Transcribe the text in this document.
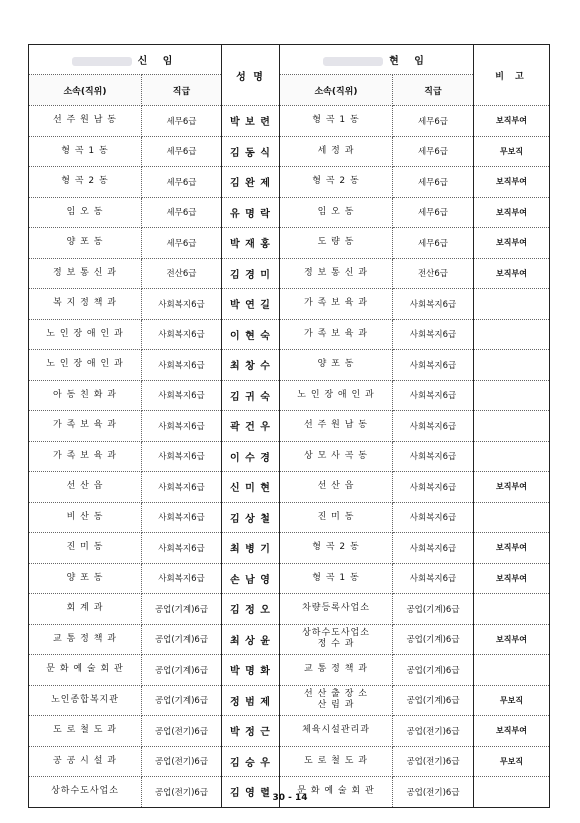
신 임		성 명	현 임		비 고
소속(직위)	직급		소속(직위)	직급	

선 주 원 남 동	세무6급	박 보 련	형 곡 1 동	세무6급	보직부여

형 곡 1 동	세무6급	김 동 식	세 정 과	세무6급	무보직

형 곡 2 동	세무6급	김 완 제	형 곡 2 동	세무6급	보직부여

임 오 동	세무6급	유 명 락	임 오 동	세무6급	보직부여

양 포 동	세무6급	박 재 홍	도 량 동	세무6급	보직부여

정 보 통 신 과	전산6급	김 경 미	정 보 통 신 과	전산6급	보직부여

복 지 정 책 과	사회복지6급	박 연 길	가 족 보 육 과	사회복지6급	

노 인 장 애 인 과	사회복지6급	이 현 숙	가 족 보 육 과	사회복지6급	

노 인 장 애 인 과	사회복지6급	최 창 수	양 포 동	사회복지6급	

아 동 친 화 과	사회복지6급	김 귀 숙	노 인 장 애 인 과	사회복지6급	

가 족 보 육 과	사회복지6급	곽 건 우	선 주 원 남 동	사회복지6급	

가 족 보 육 과	사회복지6급	이 수 경	상 모 사 곡 동	사회복지6급	

선 산 읍	사회복지6급	신 미 현	선 산 읍	사회복지6급	보직부여

비 산 동	사회복지6급	김 상 철	진 미 동	사회복지6급	

진 미 동	사회복지6급	최 병 기	형 곡 2 동	사회복지6급	보직부여

양 포 동	사회복지6급	손 남 영	형 곡 1 동	사회복지6급	보직부여

회 계 과	공업(기계)6급	김 정 오	차량등록사업소	공업(기계)6급	

교 통 정 책 과	공업(기계)6급	최 상 윤	상하수도사업소
정 수 과	공업(기계)6급	보직부여

문 화 예 술 회 관	공업(기계)6급	박 명 화	교 통 정 책 과	공업(기계)6급	

노인종합복지관	공업(기계)6급	정 범 제	선 산 출 장 소
산 림 과	공업(기계)6급	무보직

도 로 철 도 과	공업(전기)6급	박 정 근	체육시설관리과	공업(전기)6급	보직부여

공 공 시 설 과	공업(전기)6급	김 승 우	도 로 철 도 과	공업(전기)6급	무보직

상하수도사업소	공업(전기)6급	김 영 렬	문 화 예 술 회 관	공업(전기)6급	
30 - 14
